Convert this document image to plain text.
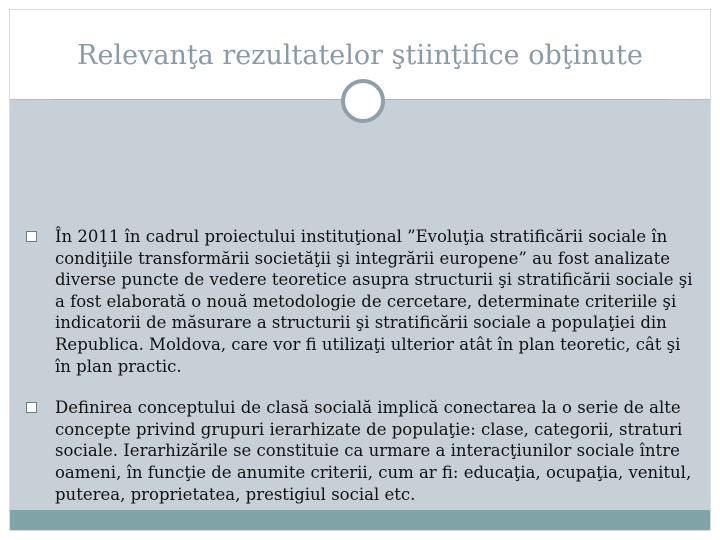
Relevanţa rezultatelor ştiinţifice obţinute
În 2011 în cadrul proiectului instituţional ”Evoluţia stratificării sociale în condiţiile transformării societăţii şi integrării europene” au fost analizate diverse puncte de vedere teoretice asupra structurii şi stratificării sociale şi a fost elaborată o nouă metodologie de cercetare, determinate criteriile şi indicatorii de măsurare a structurii şi stratificării sociale a populaţiei din Republica. Moldova, care vor fi utilizaţi ulterior atât în plan teoretic, cât şi în plan practic.
Definirea conceptului de clasă socială implică conectarea la o serie de alte concepte privind grupuri ierarhizate de populaţie: clase, categorii, straturi sociale. Ierarhizările se constituie ca urmare a interacţiunilor sociale între oameni, în funcţie de anumite criterii, cum ar fi: educaţia, ocupaţia, venitul, puterea, proprietatea, prestigiul social etc.
